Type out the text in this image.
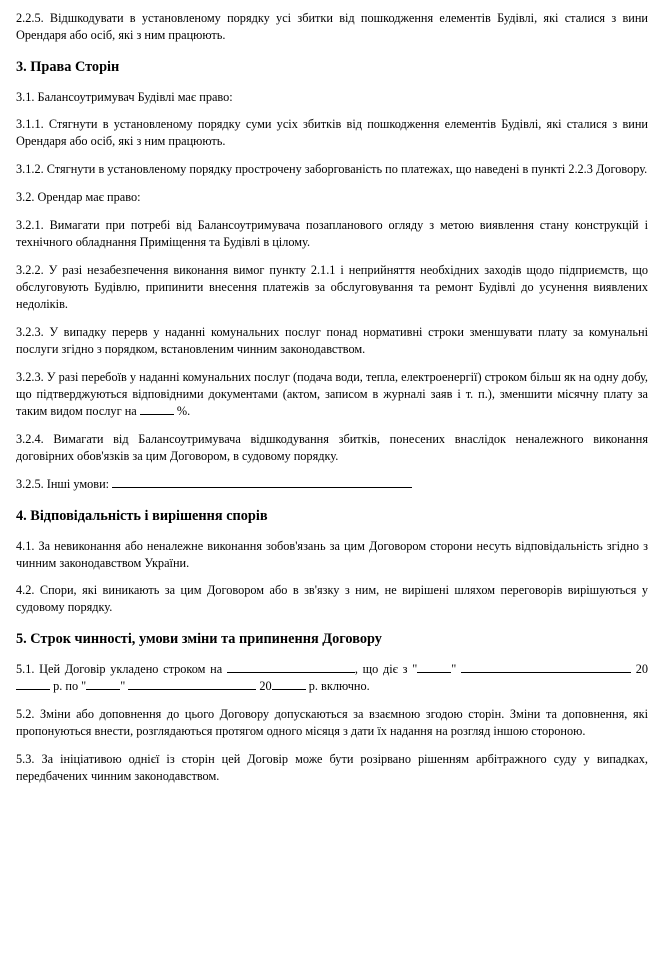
2.2.5. Відшкодувати в установленому порядку усі збитки від пошкодження елементів Будівлі, які сталися з вини Орендаря або осіб, які з ним працюють.

3. Права Сторін

3.1. Балансоутримувач Будівлі має право:

3.1.1. Стягнути в установленому порядку суми усіх збитків від пошкодження елементів Будівлі, які сталися з вини Орендаря або осіб, які з ним працюють.

3.1.2. Стягнути в установленому порядку прострочену заборгованість по платежах, що наведені в пункті 2.2.3 Договору.

3.2. Орендар має право:

3.2.1. Вимагати при потребі від Балансоутримувача позапланового огляду з метою виявлення стану конструкцій і технічного обладнання Приміщення та Будівлі в цілому.

3.2.2. У разі незабезпечення виконання вимог пункту 2.1.1 і неприйняття необхідних заходів щодо підприємств, що обслуговують Будівлю, припинити внесення платежів за обслуговування та ремонт Будівлі до усунення виявлених недоліків.

3.2.3. У випадку перерв у наданні комунальних послуг понад нормативні строки зменшувати плату за комунальні послуги згідно з порядком, встановленим чинним законодавством.

3.2.3. У разі перебоїв у наданні комунальних послуг (подача води, тепла, електроенергії) строком більш як на одну добу, що підтверджуються відповідними документами (актом, записом в журналі заяв і т. п.), зменшити місячну плату за таким видом послуг на	%.

3.2.4. Вимагати від Балансоутримувача відшкодування збитків, понесених внаслідок неналежного виконання договірних обов'язків за цим Договором, в судовому порядку.

3.2.5. Інші умови:

4. Відповідальність і вирішення спорів

4.1. За невиконання або неналежне виконання зобов'язань за цим Договором сторони несуть відповідальність згідно з чинним законодавством України.

4.2. Спори, які виникають за цим Договором або в зв'язку з ним, не вирішені шляхом переговорів вирішуються у судовому порядку.

5. Строк чинності, умови зміни та припинення Договору

5.1. Цей Договір укладено строком на	, що діє з "	"	20 р. по "	"	20	р. включно.

5.2. Зміни або доповнення до цього Договору допускаються за взаємною згодою сторін. Зміни та доповнення, які пропонуються внести, розглядаються протягом одного місяця з дати їх надання на розгляд іншою стороною.

5.3. За ініціативою однієї із сторін цей Договір може бути розірвано рішенням арбітражного суду у випадках, передбачених чинним законодавством.
